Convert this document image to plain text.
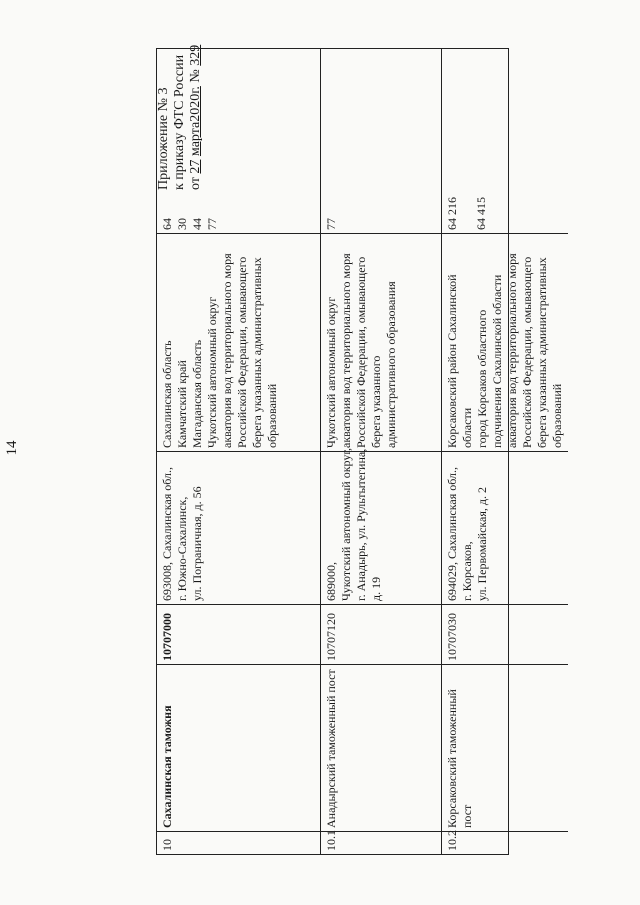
14
Приложение № 3 к приказу ФТС России от 27 марта2020г. № 329
10
Сахалинская таможня
10707000
693008, Сахалинская обл., г. Южно-Сахалинск, ул. Пограничная, д. 56
Сахалинская область Камчатский край Магаданская область Чукотский автономный округ акватория вод территориального моря Российской Федерации, омывающего берега указанных административных образований
64 30 44 77
10.1
Анадырский таможенный пост
10707120
689000, Чукотский автономный округ, г. Анадырь, ул. Рультытегина, д. 19
Чукотский автономный округ акватория вод территориального моря Российской Федерации, омывающего берега указанного административного образования
77
10.2
Корсаковский таможенный пост
10707030
694029, Сахалинская обл., г. Корсаков, ул. Первомайская, д. 2
Корсаковский район Сахалинской области город Корсаков областного подчинения Сахалинской области акватория вод территориального моря Российской Федерации, омывающего берега указанных административных образований
64 216 64 415
